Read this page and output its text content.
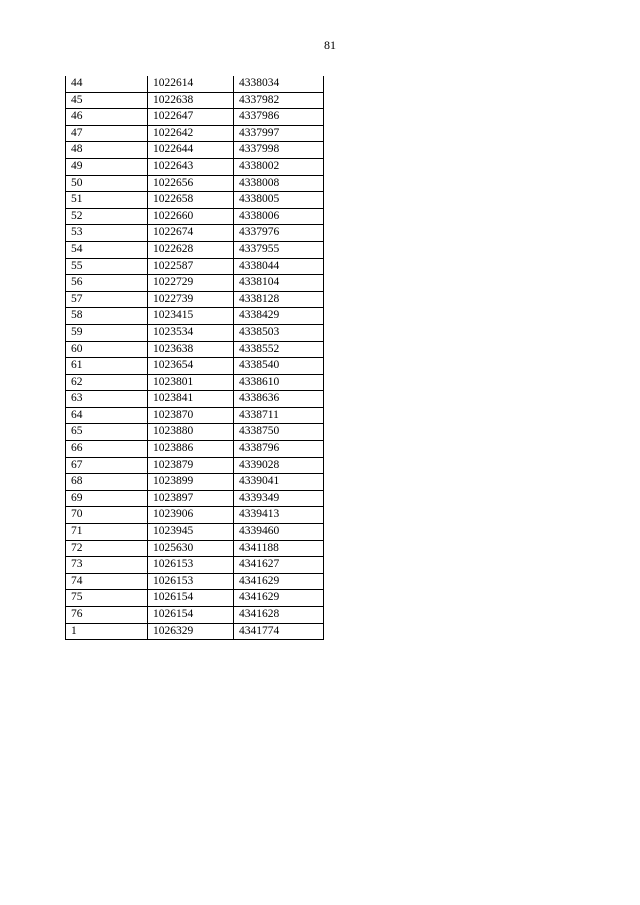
81
44	1022614	4338034
45	1022638	4337982
46	1022647	4337986
47	1022642	4337997
48	1022644	4337998
49	1022643	4338002
50	1022656	4338008
51	1022658	4338005
52	1022660	4338006
53	1022674	4337976
54	1022628	4337955
55	1022587	4338044
56	1022729	4338104
57	1022739	4338128
58	1023415	4338429
59	1023534	4338503
60	1023638	4338552
61	1023654	4338540
62	1023801	4338610
63	1023841	4338636
64	1023870	4338711
65	1023880	4338750
66	1023886	4338796
67	1023879	4339028
68	1023899	4339041
69	1023897	4339349
70	1023906	4339413
71	1023945	4339460
72	1025630	4341188
73	1026153	4341627
74	1026153	4341629
75	1026154	4341629
76	1026154	4341628
1	1026329	4341774
